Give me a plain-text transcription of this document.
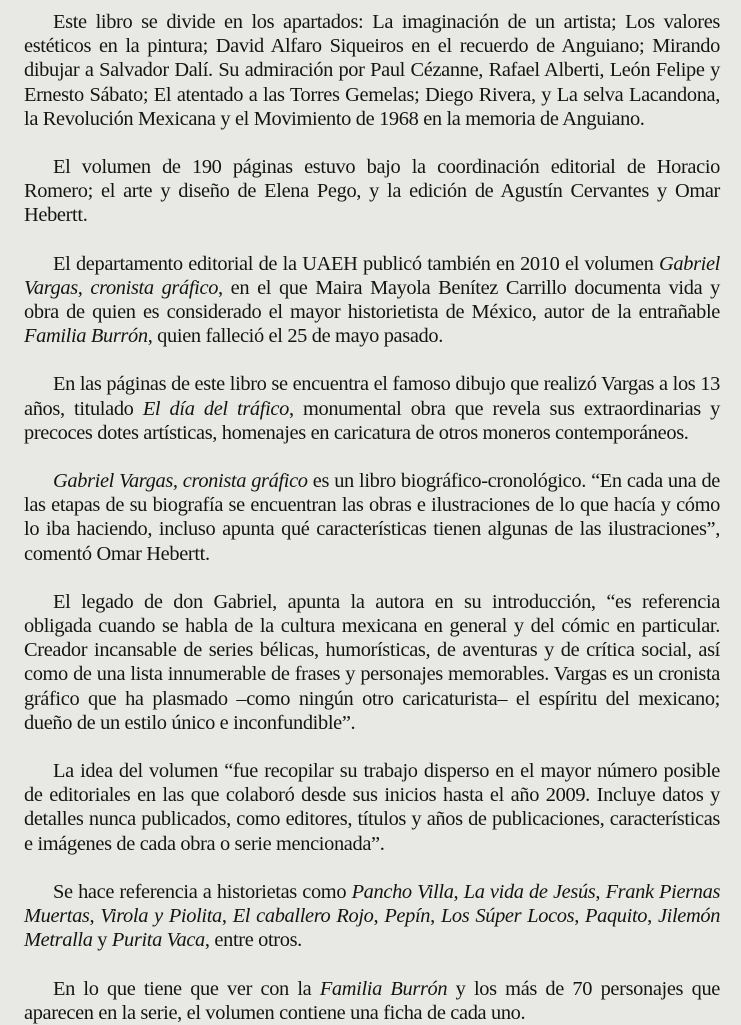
Este libro se divide en los apartados: La imaginación de un artista; Los valores estéticos en la pintura; David Alfaro Siqueiros en el recuerdo de Anguiano; Mirando dibujar a Salvador Dalí. Su admiración por Paul Cézanne, Rafael Alberti, León Felipe y Ernesto Sábato; El atentado a las Torres Gemelas; Diego Rivera, y La selva Lacandona, la Revolución Mexicana y el Movimiento de 1968 en la memoria de Anguiano.

El volumen de 190 páginas estuvo bajo la coordinación editorial de Horacio Romero; el arte y diseño de Elena Pego, y la edición de Agustín Cervantes y Omar Hebertt.

El departamento editorial de la UAEH publicó también en 2010 el volumen Gabriel Vargas, cronista gráfico, en el que Maira Mayola Benítez Carrillo documenta vida y obra de quien es considerado el mayor historietista de México, autor de la entrañable Familia Burrón, quien falleció el 25 de mayo pasado.

En las páginas de este libro se encuentra el famoso dibujo que realizó Vargas a los 13 años, titulado El día del tráfico, monumental obra que revela sus extraordinarias y precoces dotes artísticas, homenajes en caricatura de otros moneros contemporáneos.

Gabriel Vargas, cronista gráfico es un libro biográfico-cronológico. “En cada una de las etapas de su biografía se encuentran las obras e ilustraciones de lo que hacía y cómo lo iba haciendo, incluso apunta qué características tienen algunas de las ilustraciones”, comentó Omar Hebertt.

El legado de don Gabriel, apunta la autora en su introducción, “es referencia obligada cuando se habla de la cultura mexicana en general y del cómic en particular. Creador incansable de series bélicas, humorísticas, de aventuras y de crítica social, así como de una lista innumerable de frases y personajes memorables. Vargas es un cronista gráfico que ha plasmado –como ningún otro caricaturista– el espíritu del mexicano; dueño de un estilo único e inconfundible”.

La idea del volumen “fue recopilar su trabajo disperso en el mayor número posible de editoriales en las que colaboró desde sus inicios hasta el año 2009. Incluye datos y detalles nunca publicados, como editores, títulos y años de publicaciones, características e imágenes de cada obra o serie mencionada”.

Se hace referencia a historietas como Pancho Villa, La vida de Jesús, Frank Piernas Muertas, Virola y Piolita, El caballero Rojo, Pepín, Los Súper Locos, Paquito, Jilemón Metralla y Purita Vaca, entre otros.

En lo que tiene que ver con la Familia Burrón y los más de 70 personajes que aparecen en la serie, el volumen contiene una ficha de cada uno.
